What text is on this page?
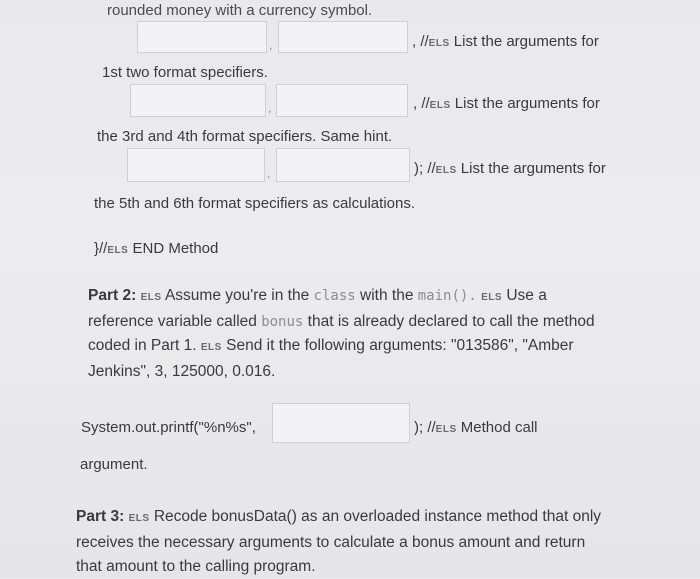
rounded money with a currency symbol.
,	, //ELS List the arguments for
1st two format specifiers.
,	, //ELS List the arguments for
the 3rd and 4th format specifiers. Same hint.
,	); //ELS List the arguments for
the 5th and 6th format specifiers as calculations.
}//ELS END Method
Part 2: ELS Assume you're in the class with the main(). ELS Use a
reference variable called bonus that is already declared to call the method
coded in Part 1. ELS Send it the following arguments: "013586", "Amber
Jenkins", 3, 125000, 0.016.
System.out.printf("%n%s",	); //ELS Method call
argument.
Part 3: ELS Recode bonusData() as an overloaded instance method that only
receives the necessary arguments to calculate a bonus amount and return
that amount to the calling program.
